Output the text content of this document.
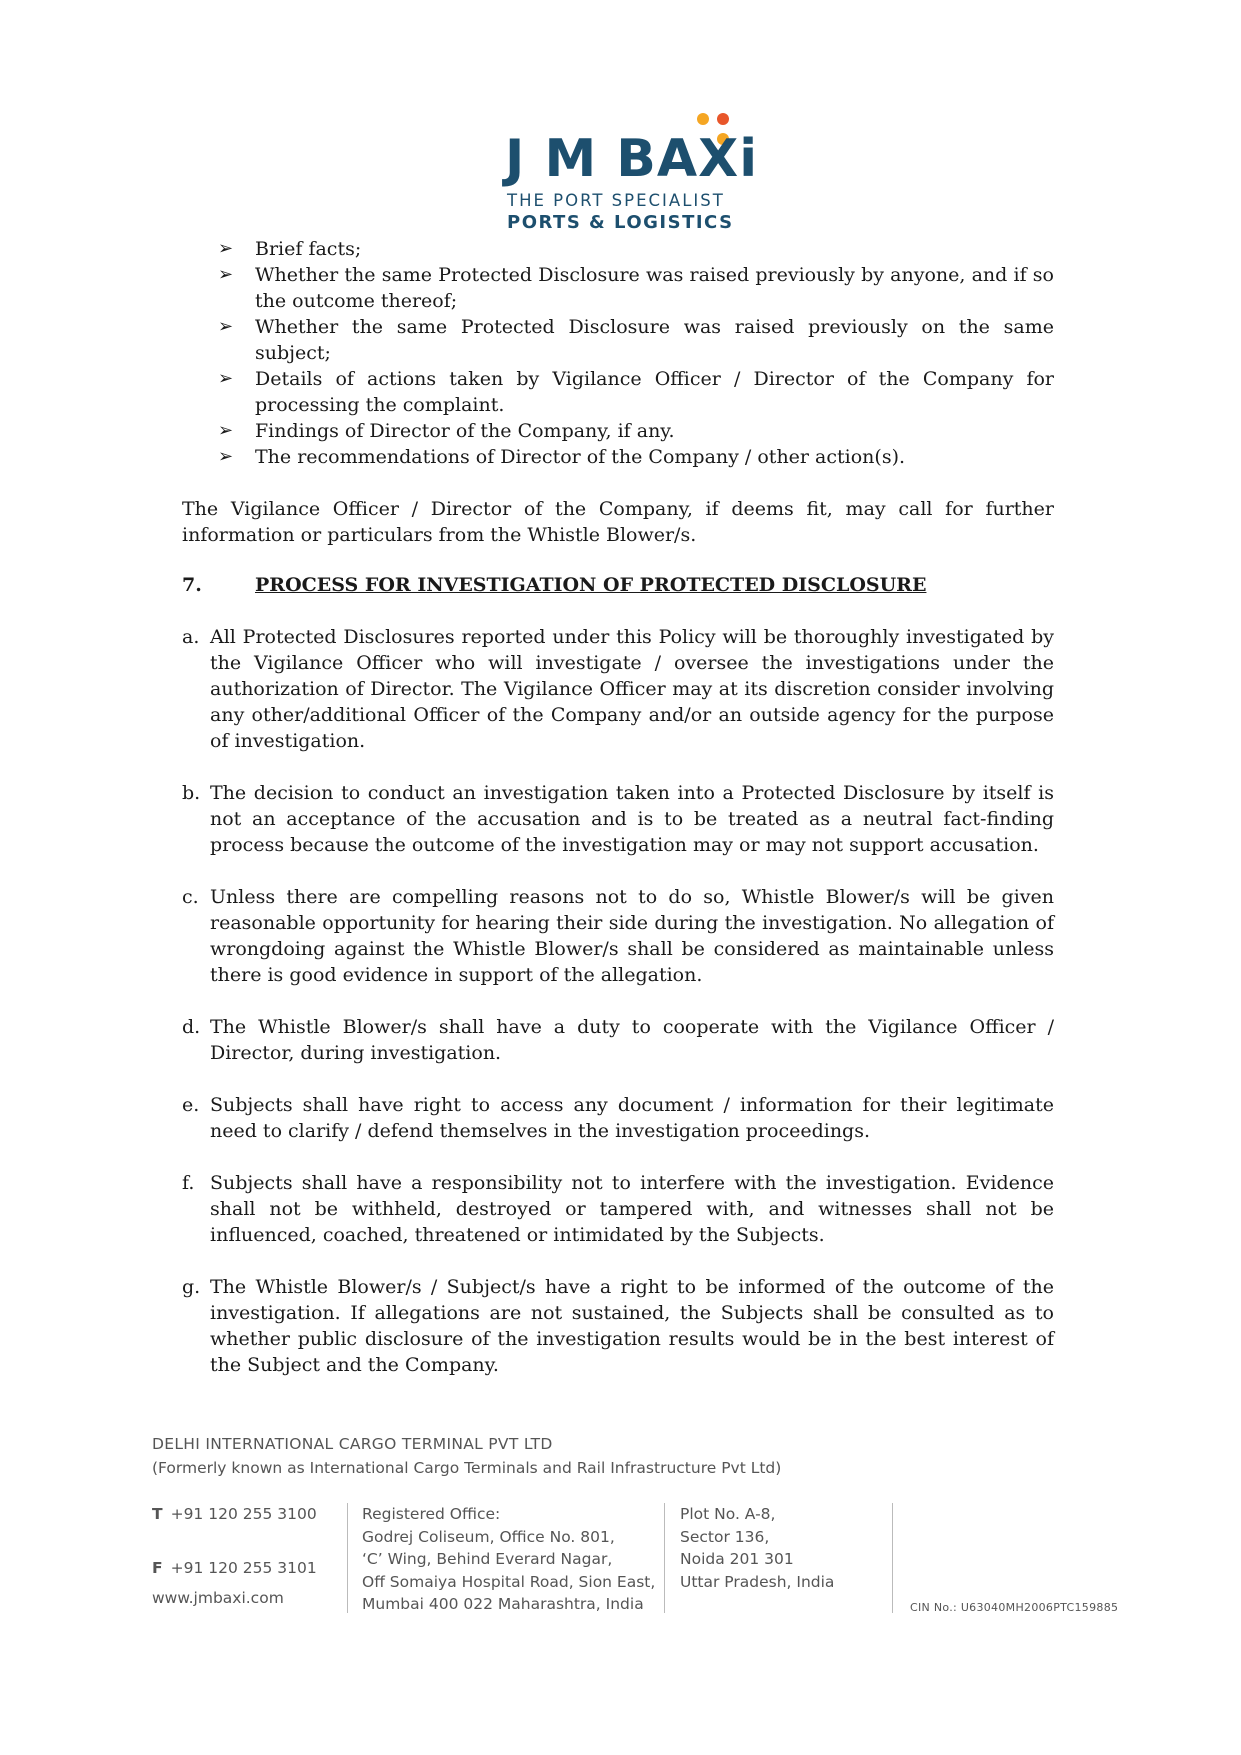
J M BAXi
THE PORT SPECIALIST
PORTS & LOGISTICS
➢ Brief facts;
➢ Whether the same Protected Disclosure was raised previously by anyone, and if so the outcome thereof;
➢ Whether the same Protected Disclosure was raised previously on the same subject;
➢ Details of actions taken by Vigilance Officer / Director of the Company for processing the complaint.
➢ Findings of Director of the Company, if any.
➢ The recommendations of Director of the Company / other action(s).

The Vigilance Officer / Director of the Company, if deems fit, may call for further information or particulars from the Whistle Blower/s.

7.	PROCESS FOR INVESTIGATION OF PROTECTED DISCLOSURE
a. All Protected Disclosures reported under this Policy will be thoroughly investigated by the Vigilance Officer who will investigate / oversee the investigations under the authorization of Director. The Vigilance Officer may at its discretion consider involving any other/additional Officer of the Company and/or an outside agency for the purpose of investigation.
b. The decision to conduct an investigation taken into a Protected Disclosure by itself is not an acceptance of the accusation and is to be treated as a neutral fact-finding process because the outcome of the investigation may or may not support accusation.
c. Unless there are compelling reasons not to do so, Whistle Blower/s will be given reasonable opportunity for hearing their side during the investigation. No allegation of wrongdoing against the Whistle Blower/s shall be considered as maintainable unless there is good evidence in support of the allegation.
d. The Whistle Blower/s shall have a duty to cooperate with the Vigilance Officer / Director, during investigation.
e. Subjects shall have right to access any document / information for their legitimate need to clarify / defend themselves in the investigation proceedings.
f. Subjects shall have a responsibility not to interfere with the investigation. Evidence shall not be withheld, destroyed or tampered with, and witnesses shall not be influenced, coached, threatened or intimidated by the Subjects.
g. The Whistle Blower/s / Subject/s have a right to be informed of the outcome of the investigation. If allegations are not sustained, the Subjects shall be consulted as to whether public disclosure of the investigation results would be in the best interest of the Subject and the Company.
DELHI INTERNATIONAL CARGO TERMINAL PVT LTD
(Formerly known as International Cargo Terminals and Rail Infrastructure Pvt Ltd)
T +91 120 255 3100
F +91 120 255 3101
www.jmbaxi.com
Registered Office:
Godrej Coliseum, Office No. 801,
‘C’ Wing, Behind Everard Nagar,
Off Somaiya Hospital Road, Sion East,
Mumbai 400 022 Maharashtra, India
Plot No. A-8,
Sector 136,
Noida 201 301
Uttar Pradesh, India
CIN No.: U63040MH2006PTC159885
